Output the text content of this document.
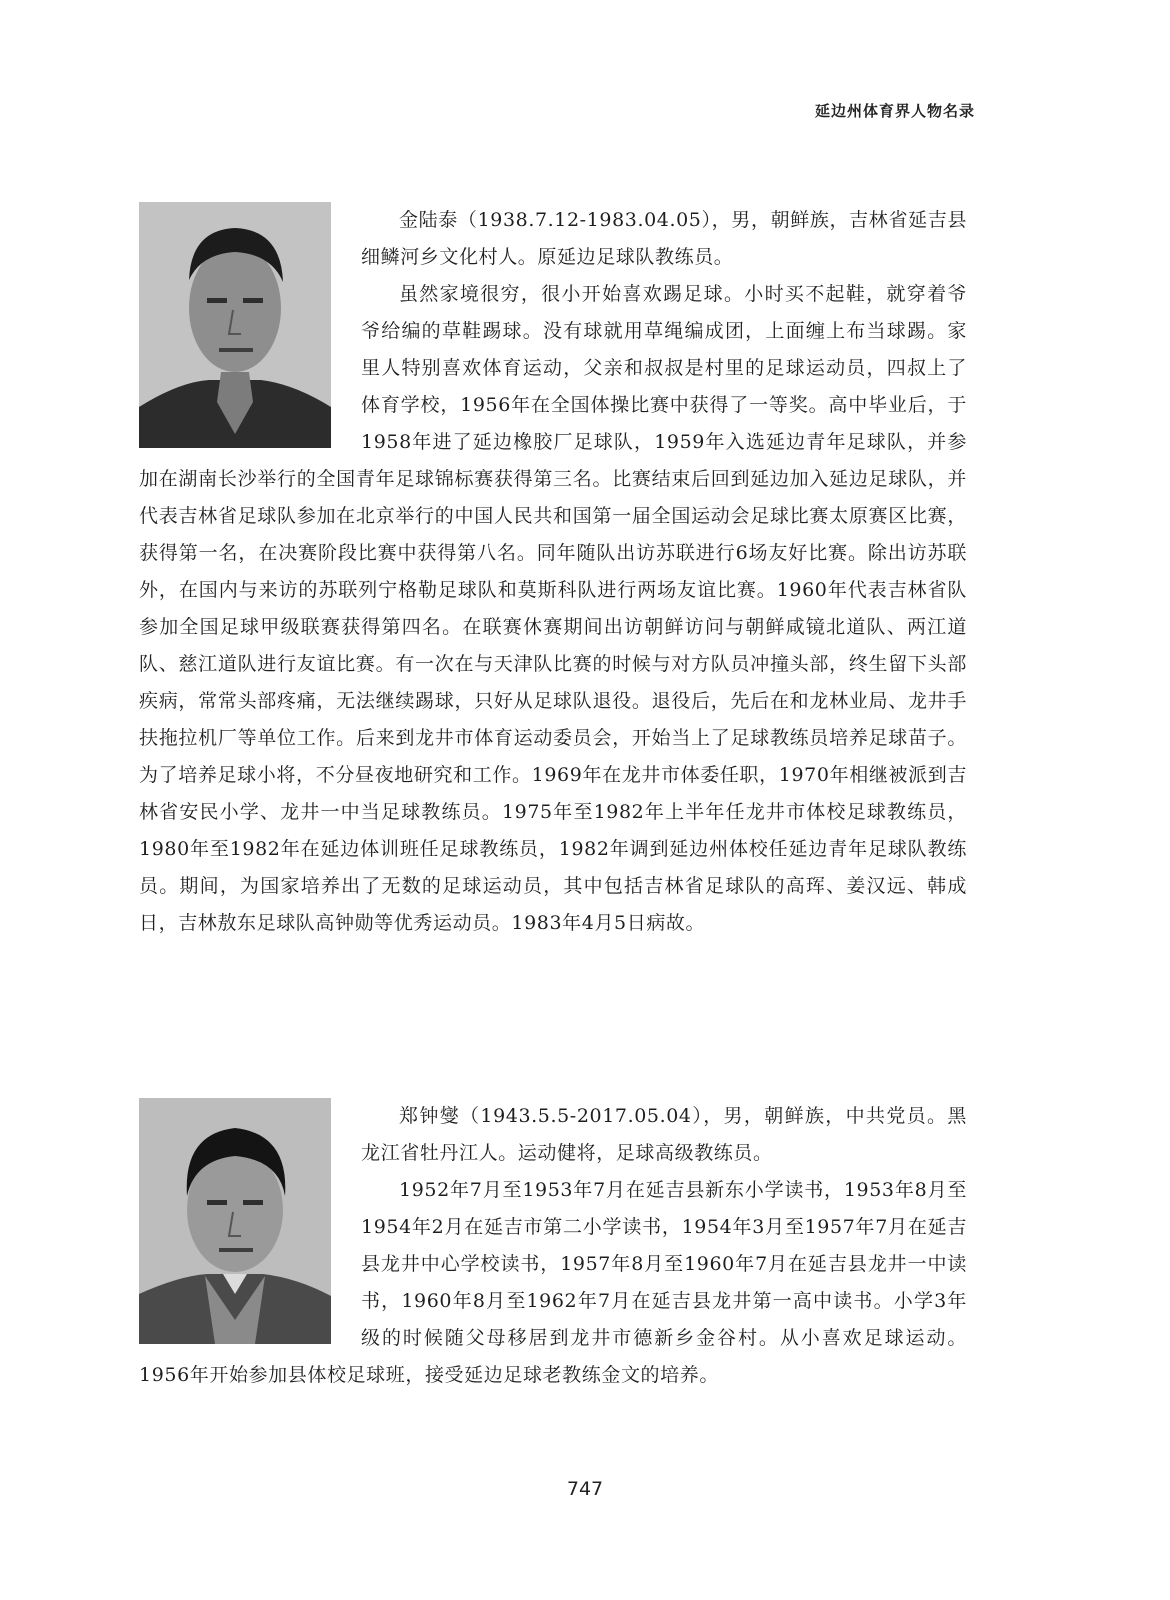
延边州体育界人物名录

金陆泰（1938.7.12-1983.04.05），男，朝鲜族，吉林省延吉县细鳞河乡文化村人。原延边足球队教练员。

虽然家境很穷，很小开始喜欢踢足球。小时买不起鞋，就穿着爷爷给编的草鞋踢球。没有球就用草绳编成团，上面缠上布当球踢。家里人特别喜欢体育运动，父亲和叔叔是村里的足球运动员，四叔上了体育学校，1956年在全国体操比赛中获得了一等奖。高中毕业后，于1958年进了延边橡胶厂足球队，1959年入选延边青年足球队，并参加在湖南长沙举行的全国青年足球锦标赛获得第三名。比赛结束后回到延边加入延边足球队，并代表吉林省足球队参加在北京举行的中国人民共和国第一届全国运动会足球比赛太原赛区比赛，获得第一名，在决赛阶段比赛中获得第八名。同年随队出访苏联进行6场友好比赛。除出访苏联外，在国内与来访的苏联列宁格勒足球队和莫斯科队进行两场友谊比赛。1960年代表吉林省队参加全国足球甲级联赛获得第四名。在联赛休赛期间出访朝鲜访问与朝鲜咸镜北道队、两江道队、慈江道队进行友谊比赛。有一次在与天津队比赛的时候与对方队员冲撞头部，终生留下头部疾病，常常头部疼痛，无法继续踢球，只好从足球队退役。退役后，先后在和龙林业局、龙井手扶拖拉机厂等单位工作。后来到龙井市体育运动委员会，开始当上了足球教练员培养足球苗子。为了培养足球小将，不分昼夜地研究和工作。1969年在龙井市体委任职，1970年相继被派到吉林省安民小学、龙井一中当足球教练员。1975年至1982年上半年任龙井市体校足球教练员，1980年至1982年在延边体训班任足球教练员，1982年调到延边州体校任延边青年足球队教练员。期间，为国家培养出了无数的足球运动员，其中包括吉林省足球队的高珲、姜汉远、韩成日，吉林敖东足球队高钟勋等优秀运动员。1983年4月5日病故。

郑钟燮（1943.5.5-2017.05.04），男，朝鲜族，中共党员。黑龙江省牡丹江人。运动健将，足球高级教练员。

1952年7月至1953年7月在延吉县新东小学读书，1953年8月至1954年2月在延吉市第二小学读书，1954年3月至1957年7月在延吉县龙井中心学校读书，1957年8月至1960年7月在延吉县龙井一中读书，1960年8月至1962年7月在延吉县龙井第一高中读书。小学3年级的时候随父母移居到龙井市德新乡金谷村。从小喜欢足球运动。1956年开始参加县体校足球班，接受延边足球老教练金文的培养。

747
